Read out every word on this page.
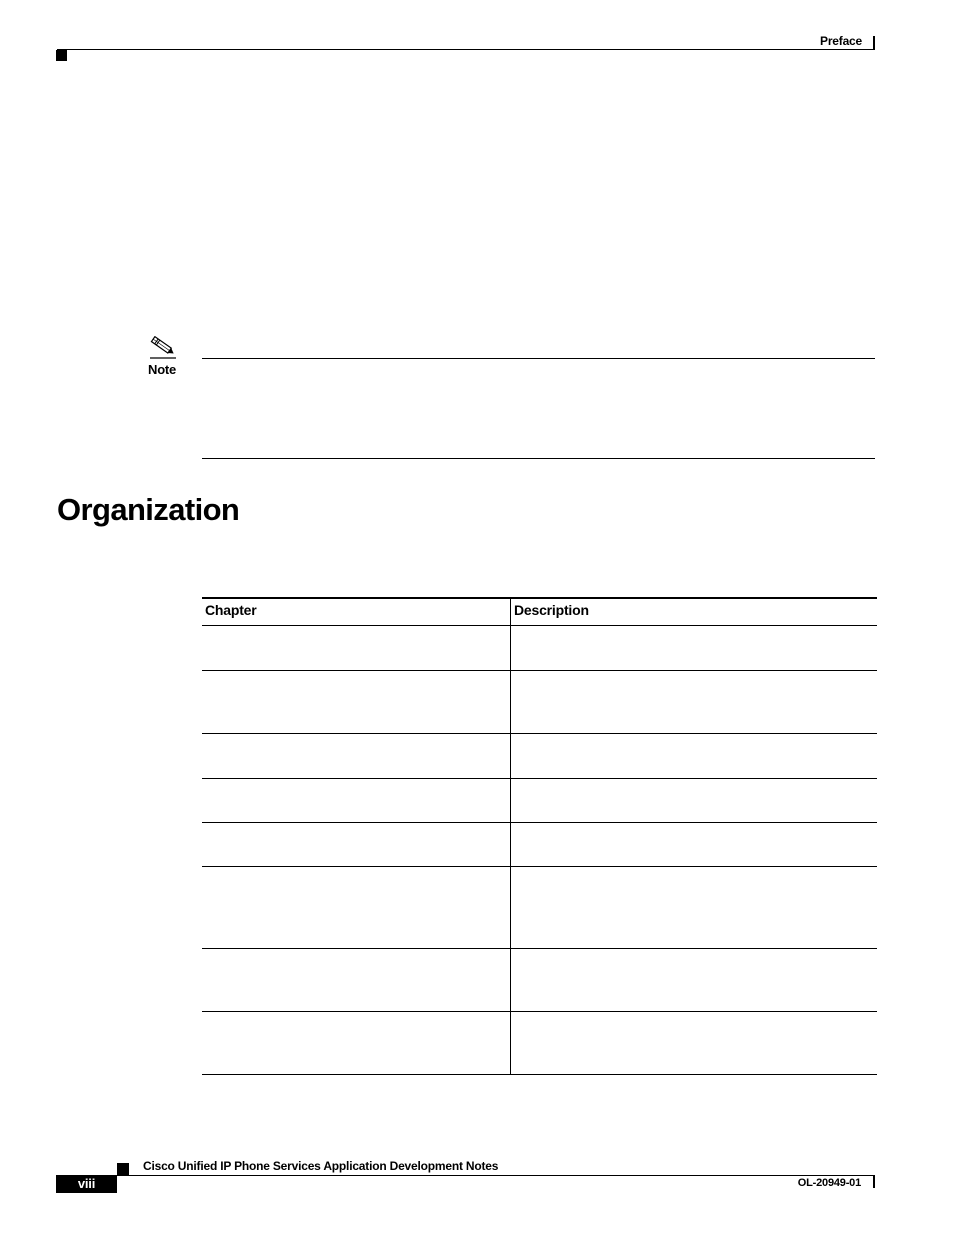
Preface
Note
Organization
Chapter	Description

viii
Cisco Unified IP Phone Services Application Development Notes
OL-20949-01
